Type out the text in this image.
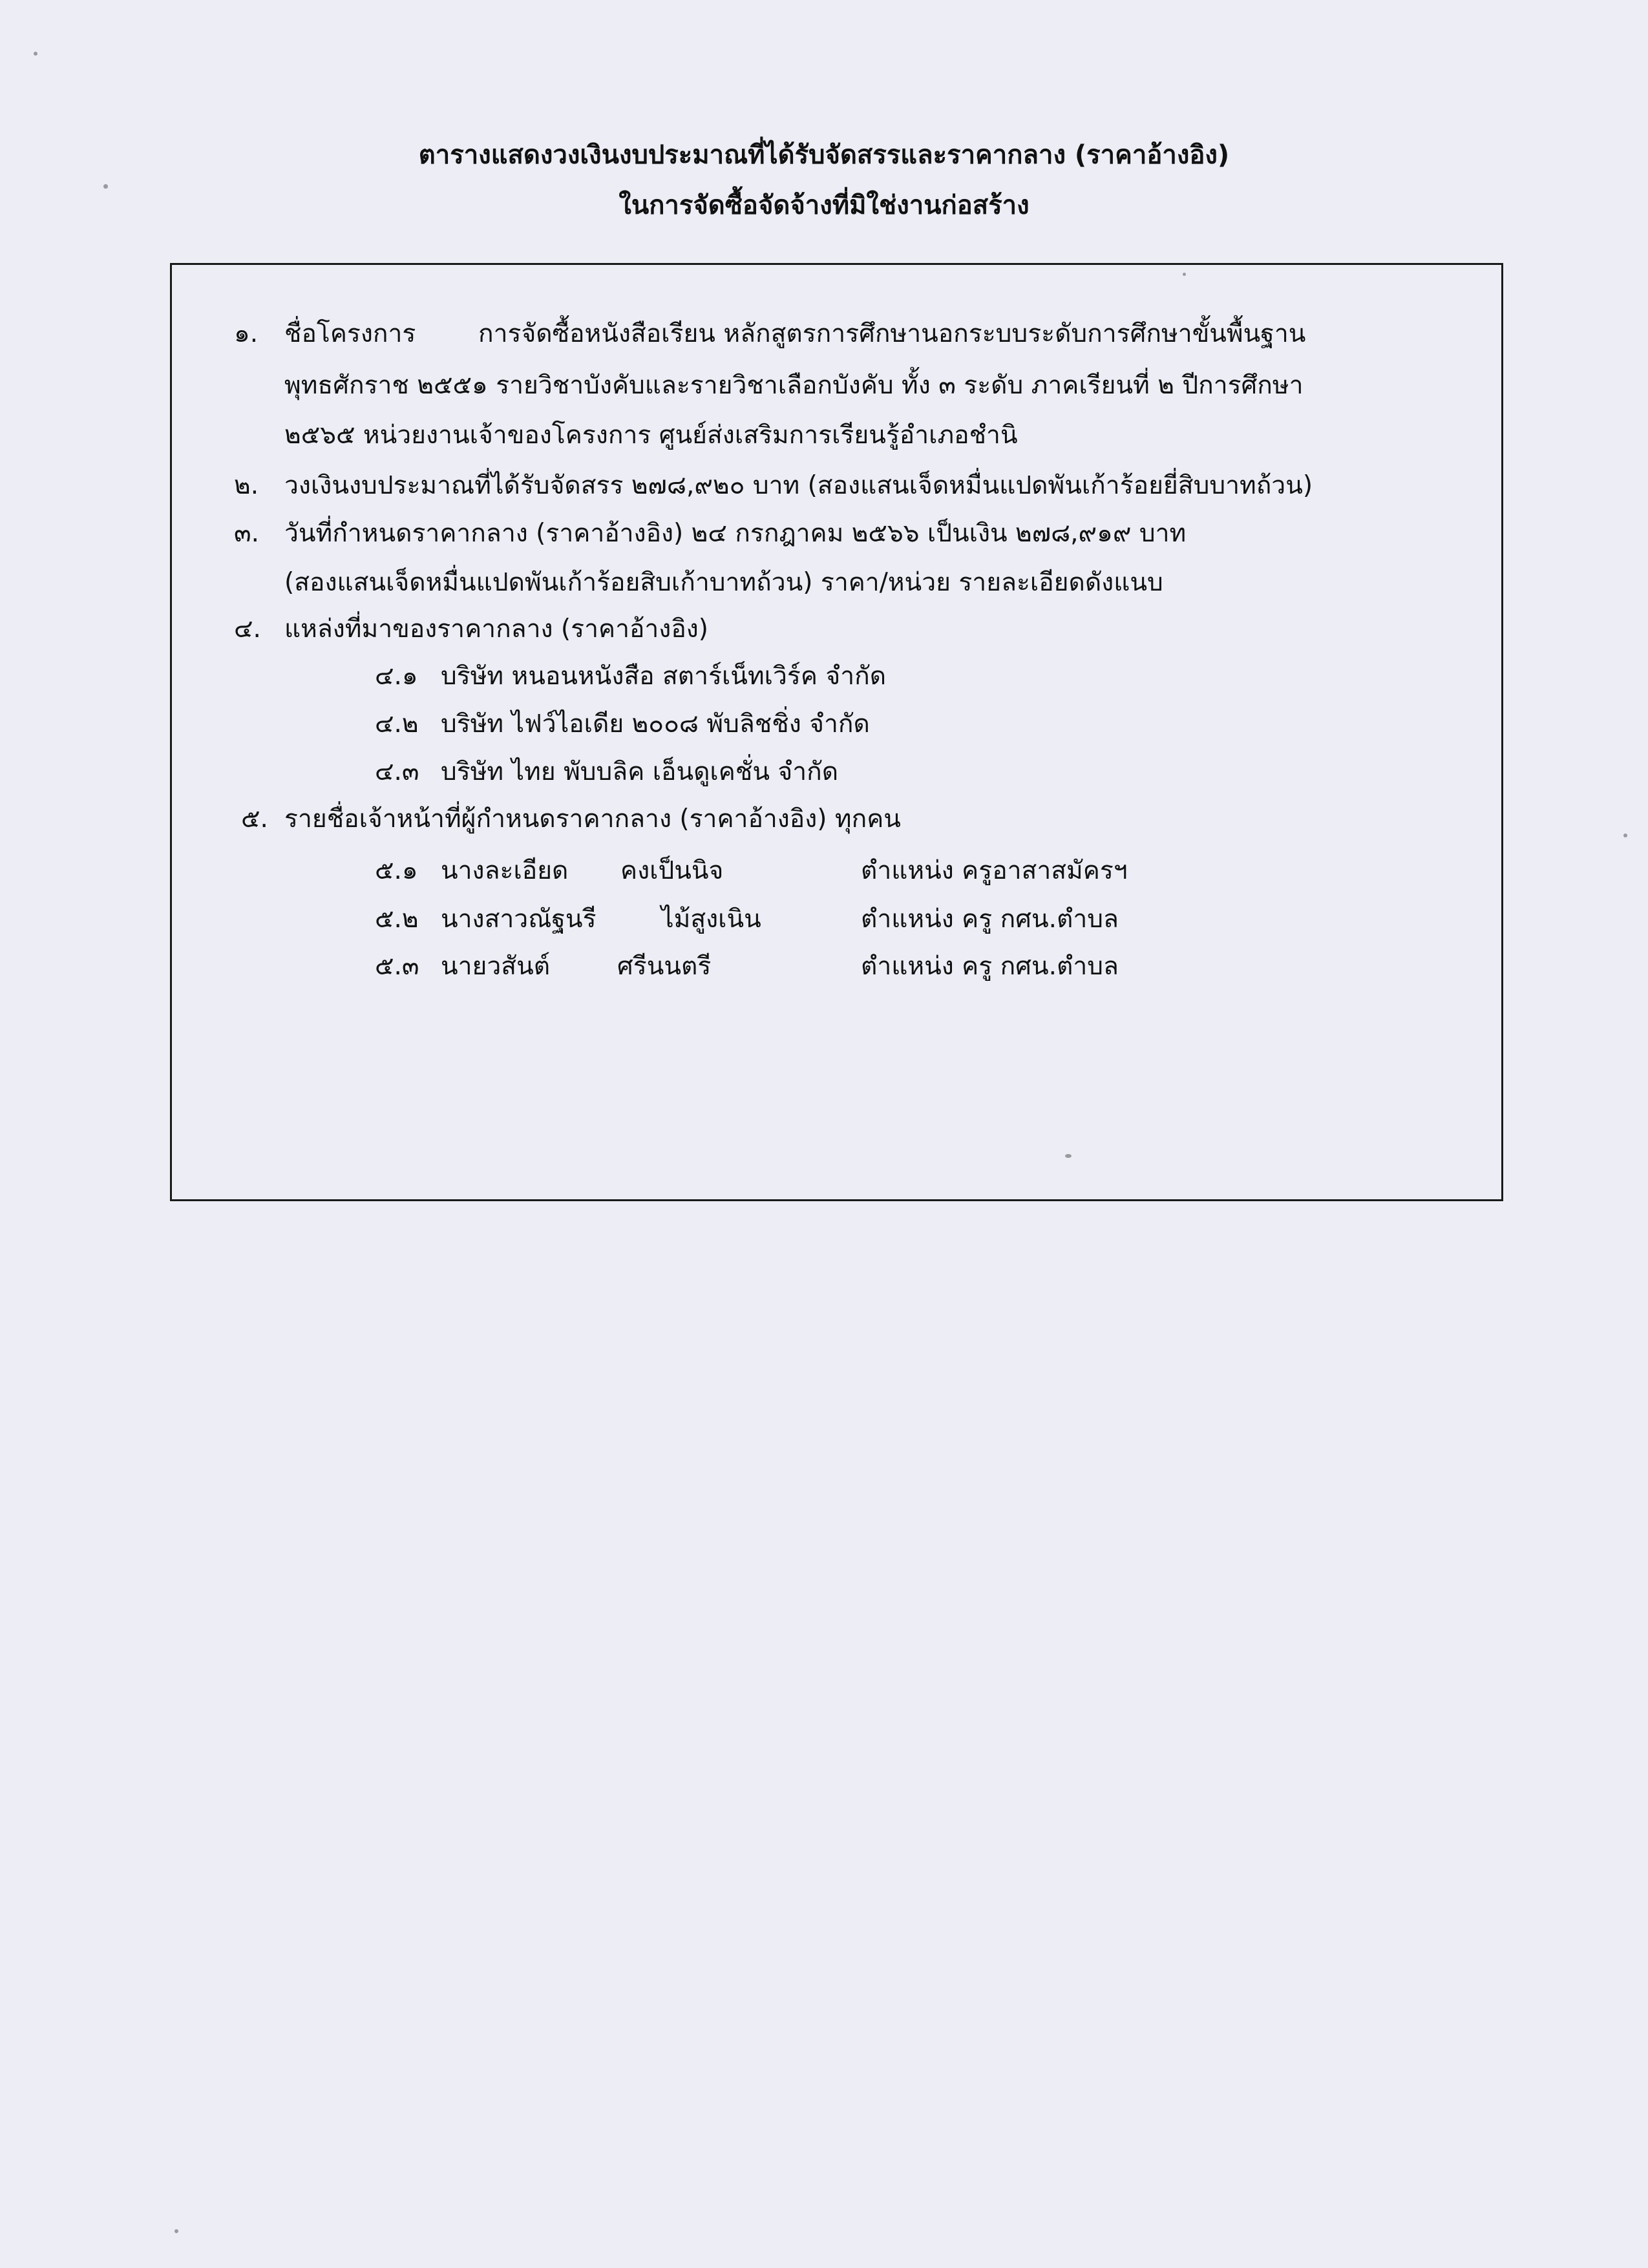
ตารางแสดงวงเงินงบประมาณที่ได้รับจัดสรรและราคากลาง (ราคาอ้างอิง)
ในการจัดซื้อจัดจ้างที่มิใช่งานก่อสร้าง
๑. ชื่อโครงการ การจัดซื้อหนังสือเรียน หลักสูตรการศึกษานอกระบบระดับการศึกษาขั้นพื้นฐาน
พุทธศักราช ๒๕๕๑ รายวิชาบังคับและรายวิชาเลือกบังคับ ทั้ง ๓ ระดับ ภาคเรียนที่ ๒ ปีการศึกษา
๒๕๖๕ หน่วยงานเจ้าของโครงการ ศูนย์ส่งเสริมการเรียนรู้อำเภอชำนิ
๒. วงเงินงบประมาณที่ได้รับจัดสรร ๒๗๘,๙๒๐ บาท (สองแสนเจ็ดหมื่นแปดพันเก้าร้อยยี่สิบบาทถ้วน)
๓. วันที่กำหนดราคากลาง (ราคาอ้างอิง) ๒๔ กรกฎาคม ๒๕๖๖ เป็นเงิน ๒๗๘,๙๑๙ บาท
(สองแสนเจ็ดหมื่นแปดพันเก้าร้อยสิบเก้าบาทถ้วน) ราคา/หน่วย รายละเอียดดังแนบ
๔. แหล่งที่มาของราคากลาง (ราคาอ้างอิง)
๔.๑ บริษัท หนอนหนังสือ สตาร์เน็ทเวิร์ค จำกัด
๔.๒ บริษัท ไฟว์ไอเดีย ๒๐๐๘ พับลิชชิ่ง จำกัด
๔.๓ บริษัท ไทย พับบลิค เอ็นดูเคชั่น จำกัด
๕. รายชื่อเจ้าหน้าที่ผู้กำหนดราคากลาง (ราคาอ้างอิง) ทุกคน
๕.๑ นางละเอียด คงเป็นนิจ	ตำแหน่ง ครูอาสาสมัครฯ
๕.๒ นางสาวณัฐนรี	ไม้สูงเนิน	ตำแหน่ง ครู กศน.ตำบล
๕.๓ นายวสันต์	ศรีนนตรี	ตำแหน่ง ครู กศน.ตำบล
